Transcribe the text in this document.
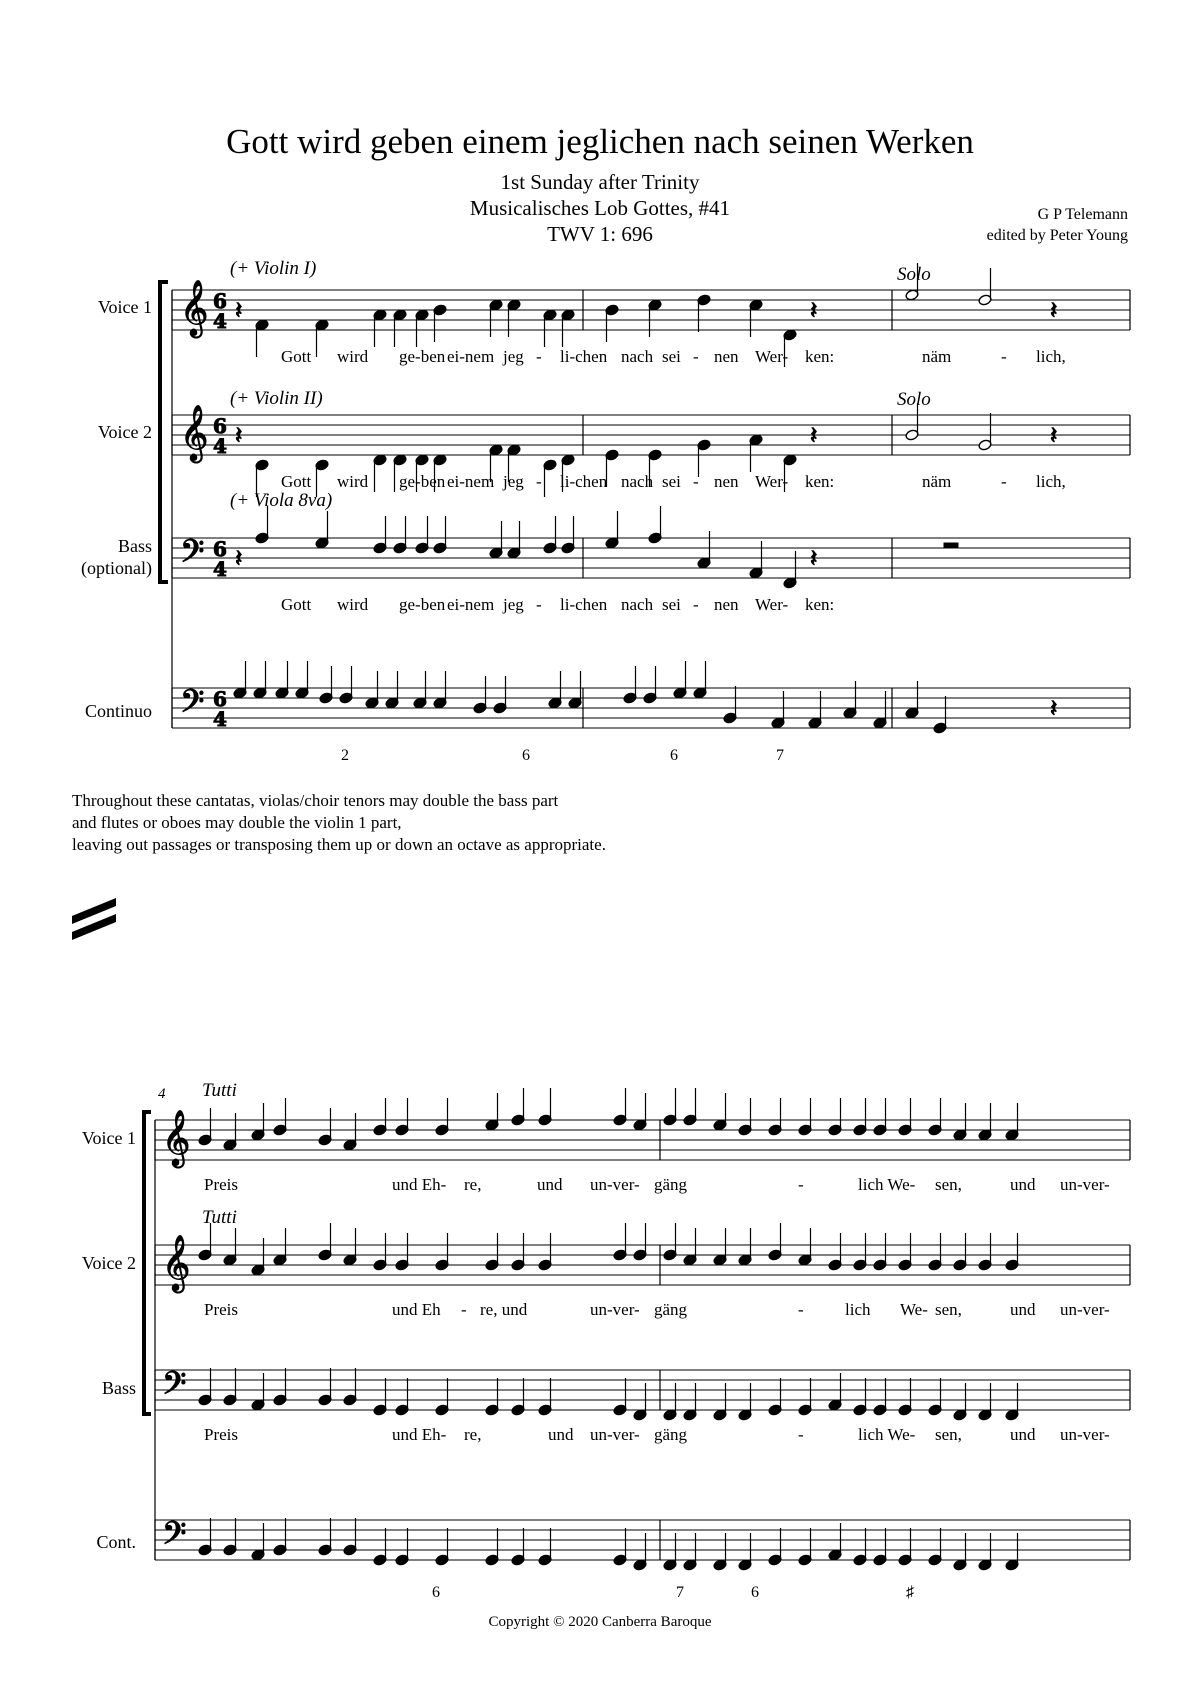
Gott wird geben einem jeglichen nach seinen Werken
1st Sunday after Trinity
Musicalisches Lob Gottes, #41
TWV 1: 696
G P Telemann
edited by Peter Young
𝄞 6
4
𝄞 6
4
𝄢 6
4
𝄢 6
4
𝄞
𝄞
𝄢
𝄢
𝄽
𝄽
𝄽
𝄽
𝄽
𝄽
𝄽
𝄽
𝄽
Voice 1
Voice 2
Bass
(optional)
Continuo
(+ Violin I)	Solo
(+ Violin II)	Solo
(+ Viola 8va)
Gott wird ge-ben ei-nem jeg - li-chen nach sei - nen Wer- ken:	näm	- lich,
Gott wird ge-ben ei-nem jeg - li-chen nach sei - nen Wer- ken:	näm	- lich,
Gott wird ge-ben ei-nem jeg - li-chen nach sei - nen Wer- ken:
2	6	6	7
Throughout these cantatas, violas/choir tenors may double the bass part
and flutes or oboes may double the violin 1 part,
leaving out passages or transposing them up or down an octave as appropriate.
4 Tutti
Tutti
Voice 1
Voice 2
Bass
Cont.
Preis	und Eh- re,	und un-ver- gäng	-	lich We- sen,	und un-ver-
Preis	und Eh - re, und	un-ver- gäng	- lich We- sen,	und un-ver-
Preis	und Eh- re,	und un-ver- gäng	-	lich We- sen,	und un-ver-
6	7	6	♯
Copyright © 2020 Canberra Baroque
